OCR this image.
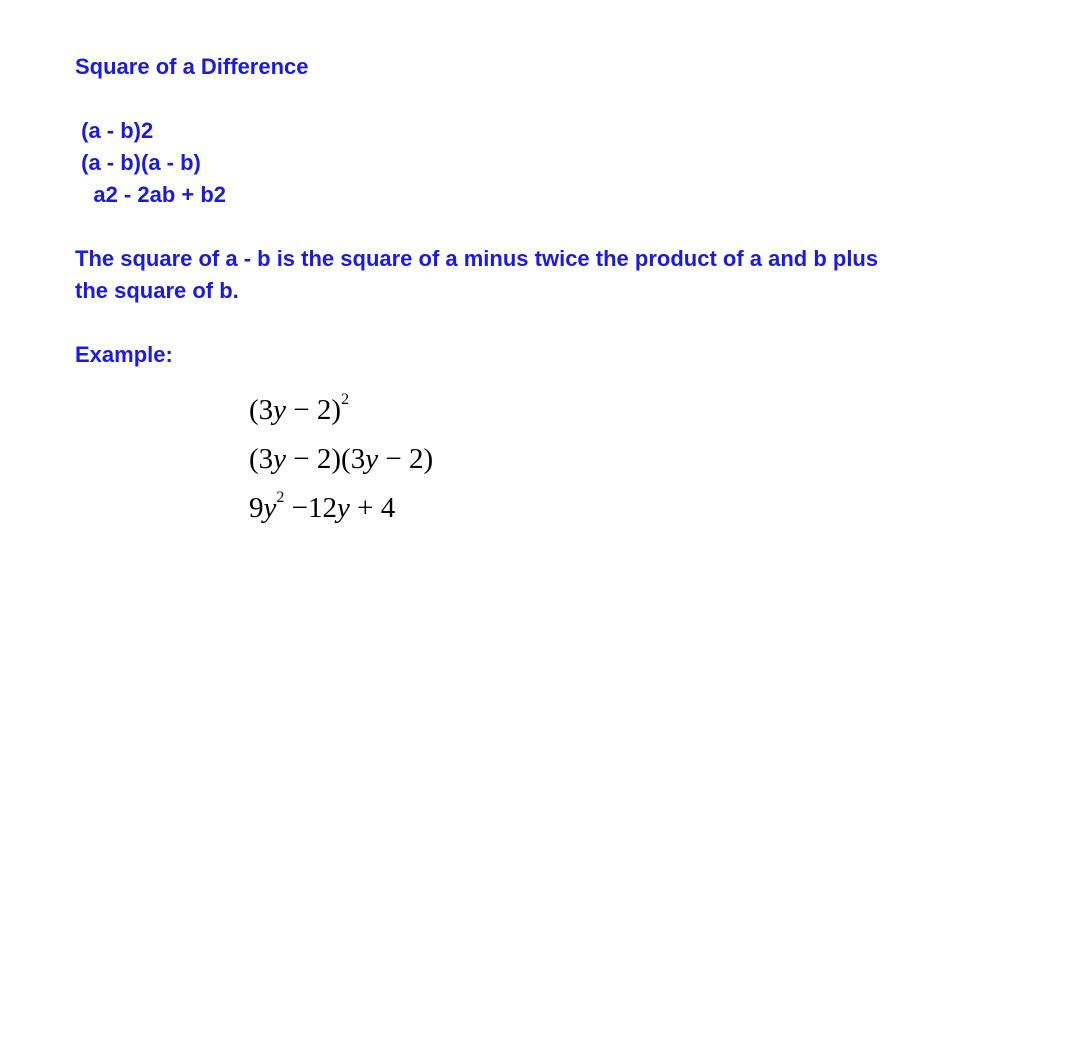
Square of a Difference
(a - b)2
(a - b)(a - b)
a2 - 2ab + b2
The square of a - b is the square of a minus twice the product of a and b plus
the square of b.
Example:
$(3y - 2)^2$
(3y − 2)(3y − 2)
$9y^2 -12y + 4$
